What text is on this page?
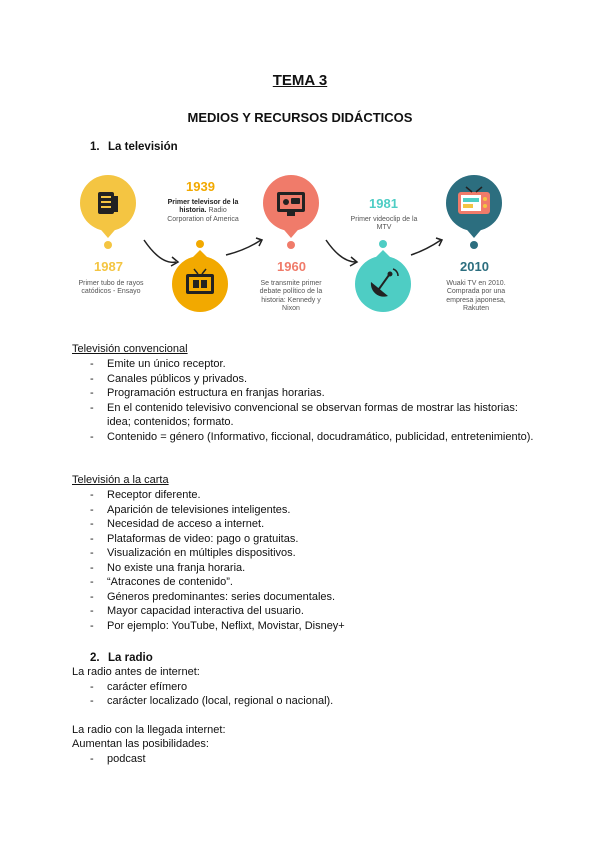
TEMA 3
MEDIOS Y RECURSOS DIDÁCTICOS
1. La televisión
1987
Primer tubo de rayos catódicos - Ensayo
1939
Primer televisor de la historia. Radio Corporation of America
1960
Se transmite primer debate político de la historia: Kennedy y Nixon
1981
Primer videoclip de la MTV
2010
Wuaki TV en 2010. Comprada por una empresa japonesa, Rakuten
Televisión convencional
- Emite un único receptor.
- Canales públicos y privados.
- Programación estructura en franjas horarias.
- En el contenido televisivo convencional se observan formas de mostrar las historias: idea; contenidos; formato.
- Contenido = género (Informativo, ficcional, docudramático, publicidad, entretenimiento).
Televisión a la carta
- Receptor diferente.
- Aparición de televisiones inteligentes.
- Necesidad de acceso a internet.
- Plataformas de video: pago o gratuitas.
- Visualización en múltiples dispositivos.
- No existe una franja horaria.
- “Atracones de contenido”.
- Géneros predominantes: series documentales.
- Mayor capacidad interactiva del usuario.
- Por ejemplo: YouTube, Neflixt, Movistar, Disney+
2. La radio
La radio antes de internet:
- carácter efímero
- carácter localizado (local, regional o nacional).
La radio con la llegada internet:
Aumentan las posibilidades:
- podcast
